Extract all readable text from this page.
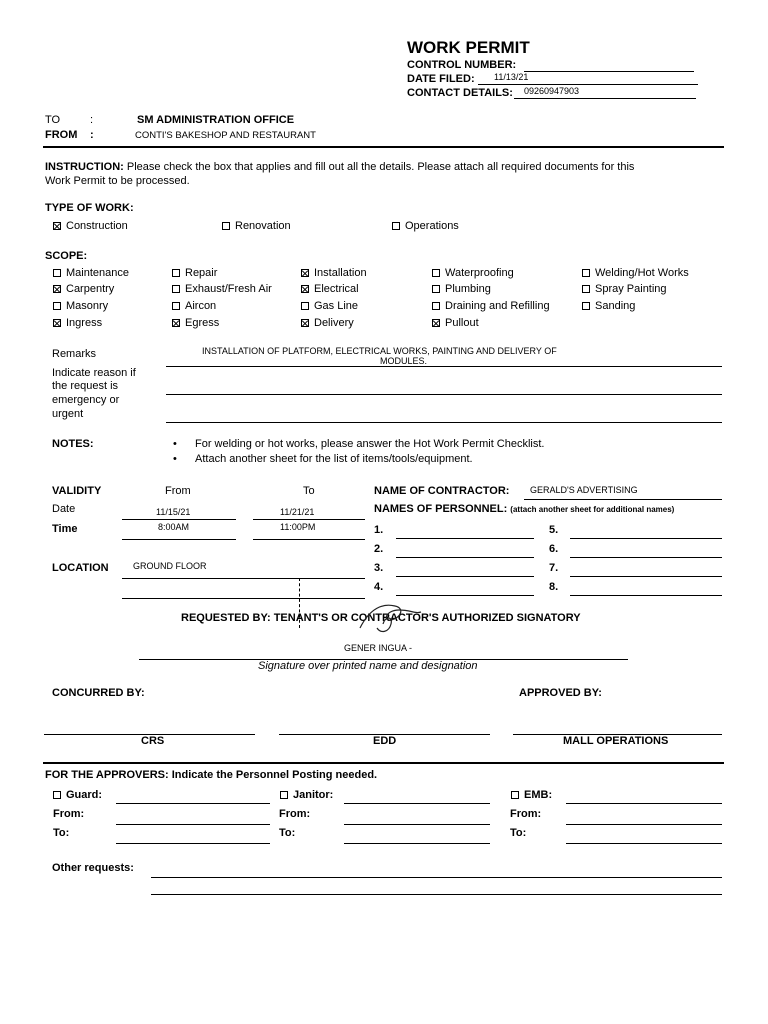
WORK PERMIT
CONTROL NUMBER:
DATE FILED: 11/13/21
CONTACT DETAILS: 09260947903
TO	:	SM ADMINISTRATION OFFICE
FROM :	CONTI'S BAKESHOP AND RESTAURANT
INSTRUCTION: Please check the box that applies and fill out all the details. Please attach all required documents for this
Work Permit to be processed.
TYPE OF WORK:
Construction	Renovation	Operations
SCOPE:
Maintenance	Repair	Installation	Waterproofing	Welding/Hot Works
Carpentry	Exhaust/Fresh Air	Electrical	Plumbing	Spray Painting
Masonry	Aircon	Gas Line	Draining and Refilling	Sanding
Ingress	Egress	Delivery	Pullout
Remarks	INSTALLATION OF PLATFORM, ELECTRICAL WORKS, PAINTING AND DELIVERY OF
MODULES.
Indicate reason if
the request is
emergency or
urgent
NOTES:	• For welding or hot works, please answer the Hot Work Permit Checklist.
• Attach another sheet for the list of items/tools/equipment.
VALIDITY	From	To
Date	11/15/21	11/21/21
Time	8:00AM	11:00PM
LOCATION	GROUND FLOOR
NAME OF CONTRACTOR: GERALD'S ADVERTISING
NAMES OF PERSONNEL: (attach another sheet for additional names)
1.
2.
3.
4.
5.
6.
7.
8.
REQUESTED BY: TENANT'S OR CONTRACTOR'S AUTHORIZED SIGNATORY
GENER INGUA -
Signature over printed name and designation
CONCURRED BY:	APPROVED BY:
CRS	EDD	MALL OPERATIONS
FOR THE APPROVERS: Indicate the Personnel Posting needed.
Guard:	Janitor:	EMB:
From:	From:	From:
To:	To:	To:
Other requests:
